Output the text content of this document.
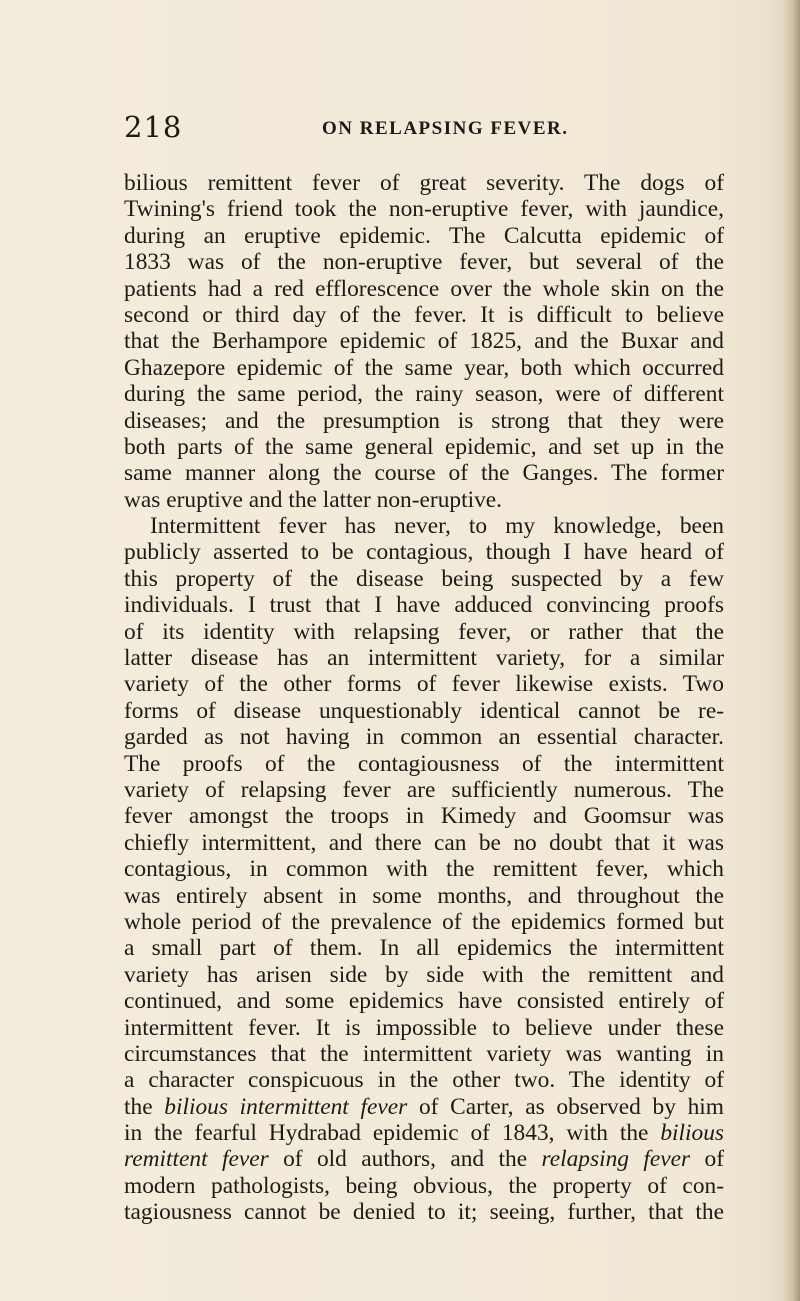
218	ON RELAPSING FEVER.
bilious remittent fever of great severity. The dogs of
Twining's friend took the non-eruptive fever, with jaundice,
during an eruptive epidemic. The Calcutta epidemic of
1833 was of the non-eruptive fever, but several of the
patients had a red efflorescence over the whole skin on the
second or third day of the fever. It is difficult to believe
that the Berhampore epidemic of 1825, and the Buxar and
Ghazepore epidemic of the same year, both which occurred
during the same period, the rainy season, were of different
diseases; and the presumption is strong that they were
both parts of the same general epidemic, and set up in the
same manner along the course of the Ganges. The former
was eruptive and the latter non-eruptive.
Intermittent fever has never, to my knowledge, been
publicly asserted to be contagious, though I have heard of
this property of the disease being suspected by a few
individuals. I trust that I have adduced convincing proofs
of its identity with relapsing fever, or rather that the
latter disease has an intermittent variety, for a similar
variety of the other forms of fever likewise exists. Two
forms of disease unquestionably identical cannot be re-
garded as not having in common an essential character.
The proofs of the contagiousness of the intermittent
variety of relapsing fever are sufficiently numerous. The
fever amongst the troops in Kimedy and Goomsur was
chiefly intermittent, and there can be no doubt that it was
contagious, in common with the remittent fever, which
was entirely absent in some months, and throughout the
whole period of the prevalence of the epidemics formed but
a small part of them. In all epidemics the intermittent
variety has arisen side by side with the remittent and
continued, and some epidemics have consisted entirely of
intermittent fever. It is impossible to believe under these
circumstances that the intermittent variety was wanting in
a character conspicuous in the other two. The identity of
the bilious intermittent fever of Carter, as observed by him
in the fearful Hydrabad epidemic of 1843, with the bilious
remittent fever of old authors, and the relapsing fever of
modern pathologists, being obvious, the property of con-
tagiousness cannot be denied to it; seeing, further, that the
